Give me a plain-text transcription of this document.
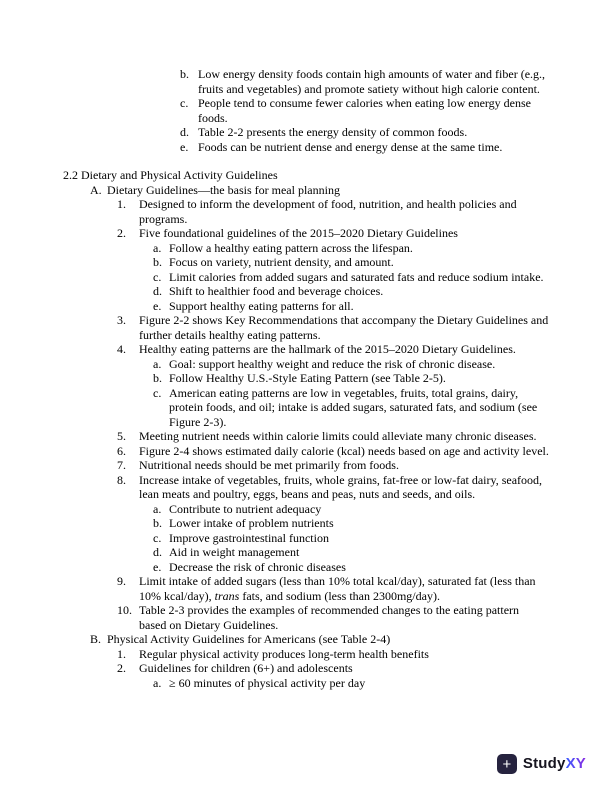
b. Low energy density foods contain high amounts of water and fiber (e.g., fruits and vegetables) and promote satiety without high calorie content.
c. People tend to consume fewer calories when eating low energy dense foods.
d. Table 2-2 presents the energy density of common foods.
e. Foods can be nutrient dense and energy dense at the same time.
2.2 Dietary and Physical Activity Guidelines
A. Dietary Guidelines—the basis for meal planning
1.	Designed to inform the development of food, nutrition, and health policies and programs.
2.	Five foundational guidelines of the 2015–2020 Dietary Guidelines
a. Follow a healthy eating pattern across the lifespan.
b. Focus on variety, nutrient density, and amount.
c. Limit calories from added sugars and saturated fats and reduce sodium intake.
d. Shift to healthier food and beverage choices.
e. Support healthy eating patterns for all.
3.	Figure 2-2 shows Key Recommendations that accompany the Dietary Guidelines and further details healthy eating patterns.
4.	Healthy eating patterns are the hallmark of the 2015–2020 Dietary Guidelines.
a. Goal: support healthy weight and reduce the risk of chronic disease.
b. Follow Healthy U.S.-Style Eating Pattern (see Table 2-5).
c. American eating patterns are low in vegetables, fruits, total grains, dairy, protein foods, and oil; intake is added sugars, saturated fats, and sodium (see Figure 2-3).
5.	Meeting nutrient needs within calorie limits could alleviate many chronic diseases.
6.	Figure 2-4 shows estimated daily calorie (kcal) needs based on age and activity level.
7.	Nutritional needs should be met primarily from foods.
8.	Increase intake of vegetables, fruits, whole grains, fat-free or low-fat dairy, seafood, lean meats and poultry, eggs, beans and peas, nuts and seeds, and oils.
a. Contribute to nutrient adequacy
b. Lower intake of problem nutrients
c. Improve gastrointestinal function
d. Aid in weight management
e. Decrease the risk of chronic diseases
9.	Limit intake of added sugars (less than 10% total kcal/day), saturated fat (less than 10% kcal/day), trans fats, and sodium (less than 2300mg/day).
10. Table 2-3 provides the examples of recommended changes to the eating pattern based on Dietary Guidelines.
B. Physical Activity Guidelines for Americans (see Table 2-4)
1.	Regular physical activity produces long-term health benefits
2.	Guidelines for children (6+) and adolescents
a. ≥ 60 minutes of physical activity per day
+ StudyXY
